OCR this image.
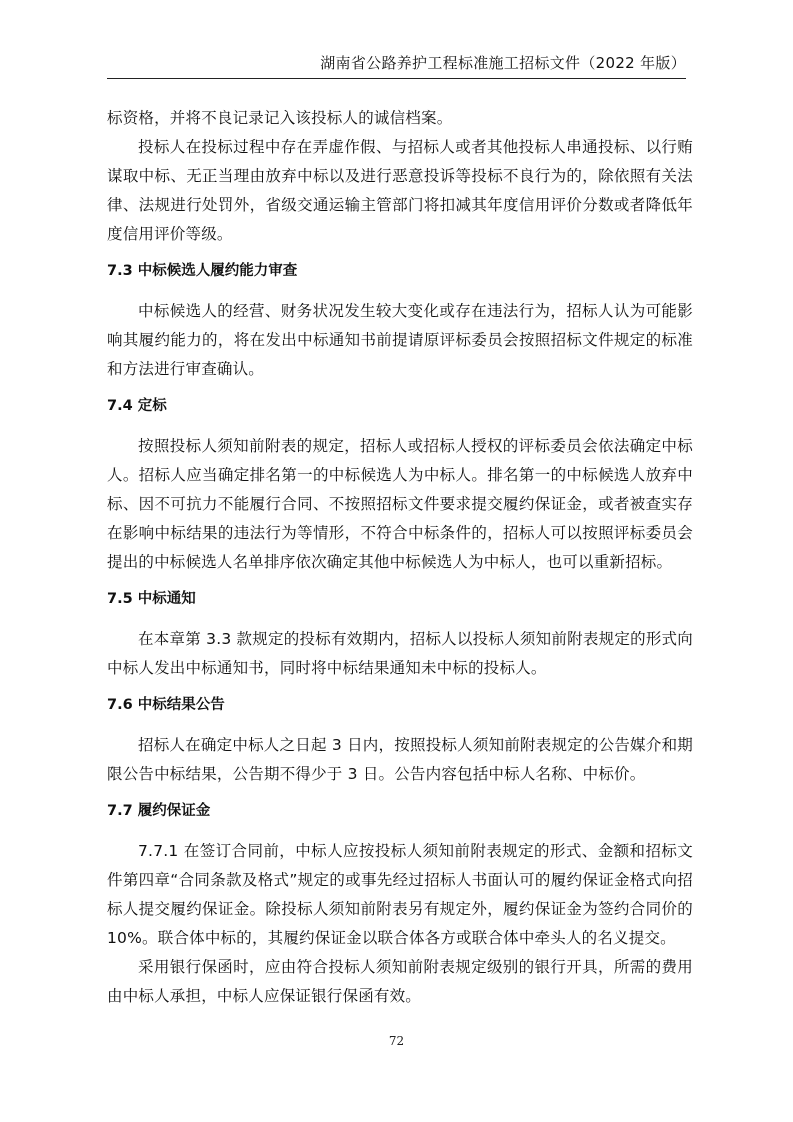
湖南省公路养护工程标准施工招标文件（2022 年版）

标资格，并将不良记录记入该投标人的诚信档案。

投标人在投标过程中存在弄虚作假、与招标人或者其他投标人串通投标、以行贿谋取中标、无正当理由放弃中标以及进行恶意投诉等投标不良行为的，除依照有关法律、法规进行处罚外，省级交通运输主管部门将扣减其年度信用评价分数或者降低年度信用评价等级。

7.3 中标候选人履约能力审查

中标候选人的经营、财务状况发生较大变化或存在违法行为，招标人认为可能影响其履约能力的，将在发出中标通知书前提请原评标委员会按照招标文件规定的标准和方法进行审查确认。

7.4 定标

按照投标人须知前附表的规定，招标人或招标人授权的评标委员会依法确定中标人。招标人应当确定排名第一的中标候选人为中标人。排名第一的中标候选人放弃中标、因不可抗力不能履行合同、不按照招标文件要求提交履约保证金，或者被查实存在影响中标结果的违法行为等情形，不符合中标条件的，招标人可以按照评标委员会提出的中标候选人名单排序依次确定其他中标候选人为中标人，也可以重新招标。

7.5 中标通知

在本章第 3.3 款规定的投标有效期内，招标人以投标人须知前附表规定的形式向中标人发出中标通知书，同时将中标结果通知未中标的投标人。

7.6 中标结果公告

招标人在确定中标人之日起 3 日内，按照投标人须知前附表规定的公告媒介和期限公告中标结果，公告期不得少于 3 日。公告内容包括中标人名称、中标价。

7.7 履约保证金

7.7.1 在签订合同前，中标人应按投标人须知前附表规定的形式、金额和招标文件第四章“合同条款及格式”规定的或事先经过招标人书面认可的履约保证金格式向招标人提交履约保证金。除投标人须知前附表另有规定外，履约保证金为签约合同价的 10%。联合体中标的，其履约保证金以联合体各方或联合体中牵头人的名义提交。

采用银行保函时，应由符合投标人须知前附表规定级别的银行开具，所需的费用由中标人承担，中标人应保证银行保函有效。

72
